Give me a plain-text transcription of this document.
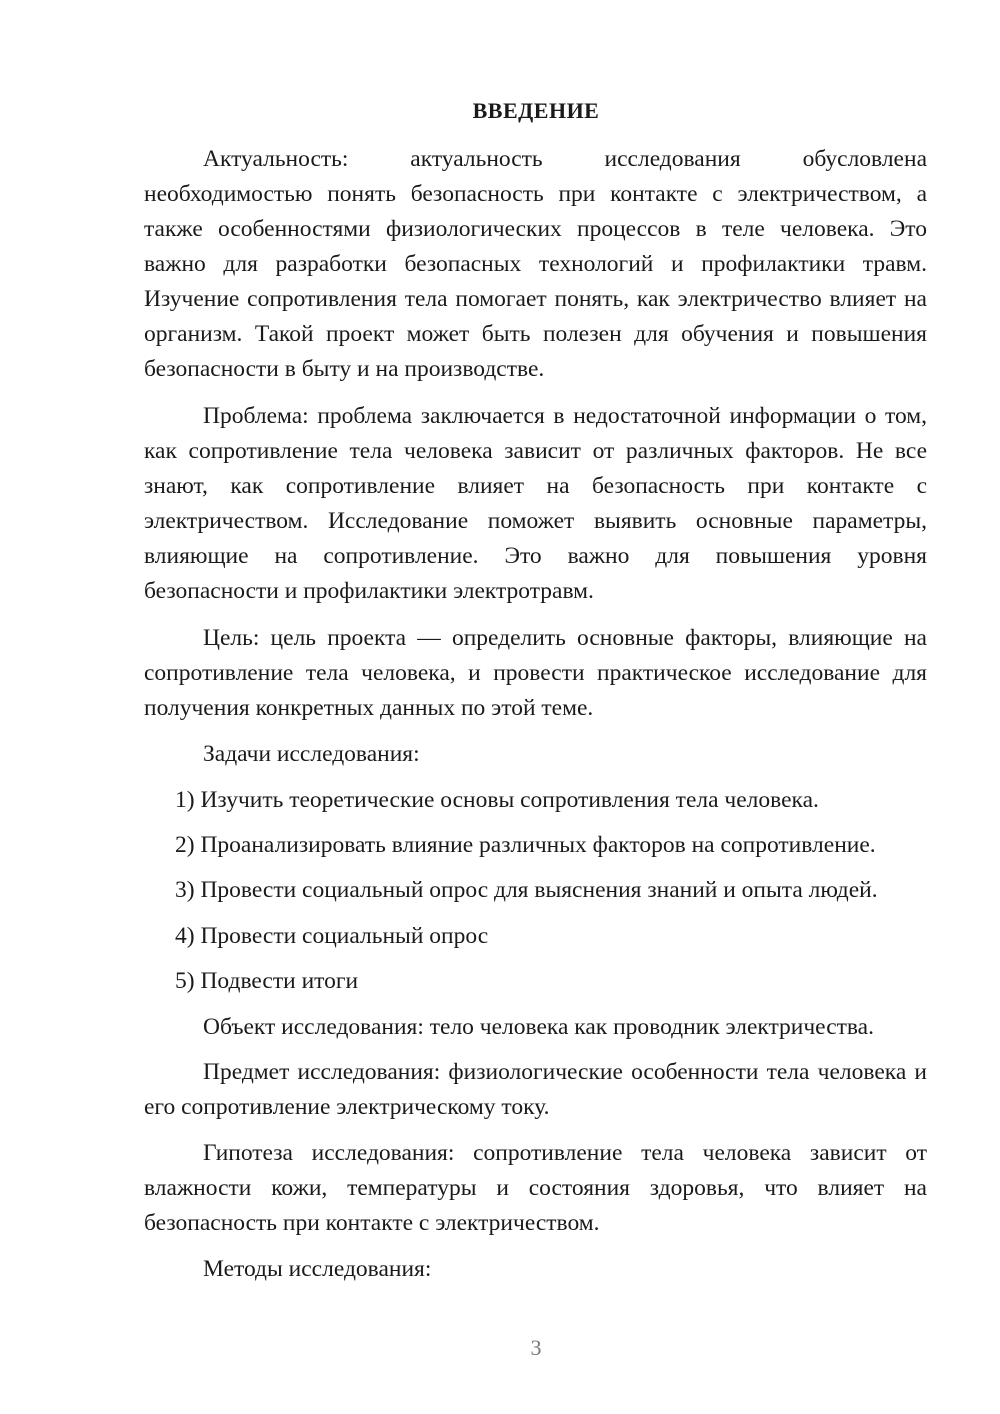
ВВЕДЕНИЕ

Актуальность: актуальность исследования обусловлена необходимостью понять безопасность при контакте с электричеством, а также особенностями физиологических процессов в теле человека. Это важно для разработки безопасных технологий и профилактики травм. Изучение сопротивления тела помогает понять, как электричество влияет на организм. Такой проект может быть полезен для обучения и повышения безопасности в быту и на производстве.

Проблема: проблема заключается в недостаточной информации о том, как сопротивление тела человека зависит от различных факторов. Не все знают, как сопротивление влияет на безопасность при контакте с электричеством. Исследование поможет выявить основные параметры, влияющие на сопротивление. Это важно для повышения уровня безопасности и профилактики электротравм.

Цель: цель проекта — определить основные факторы, влияющие на сопротивление тела человека, и провести практическое исследование для получения конкретных данных по этой теме.

Задачи исследования:

1) Изучить теоретические основы сопротивления тела человека.

2) Проанализировать влияние различных факторов на сопротивление.

3) Провести социальный опрос для выяснения знаний и опыта людей.

4) Провести социальный опрос

5) Подвести итоги

Объект исследования: тело человека как проводник электричества.

Предмет исследования: физиологические особенности тела человека и его сопротивление электрическому току.

Гипотеза исследования: сопротивление тела человека зависит от влажности кожи, температуры и состояния здоровья, что влияет на безопасность при контакте с электричеством.

Методы исследования:

3
